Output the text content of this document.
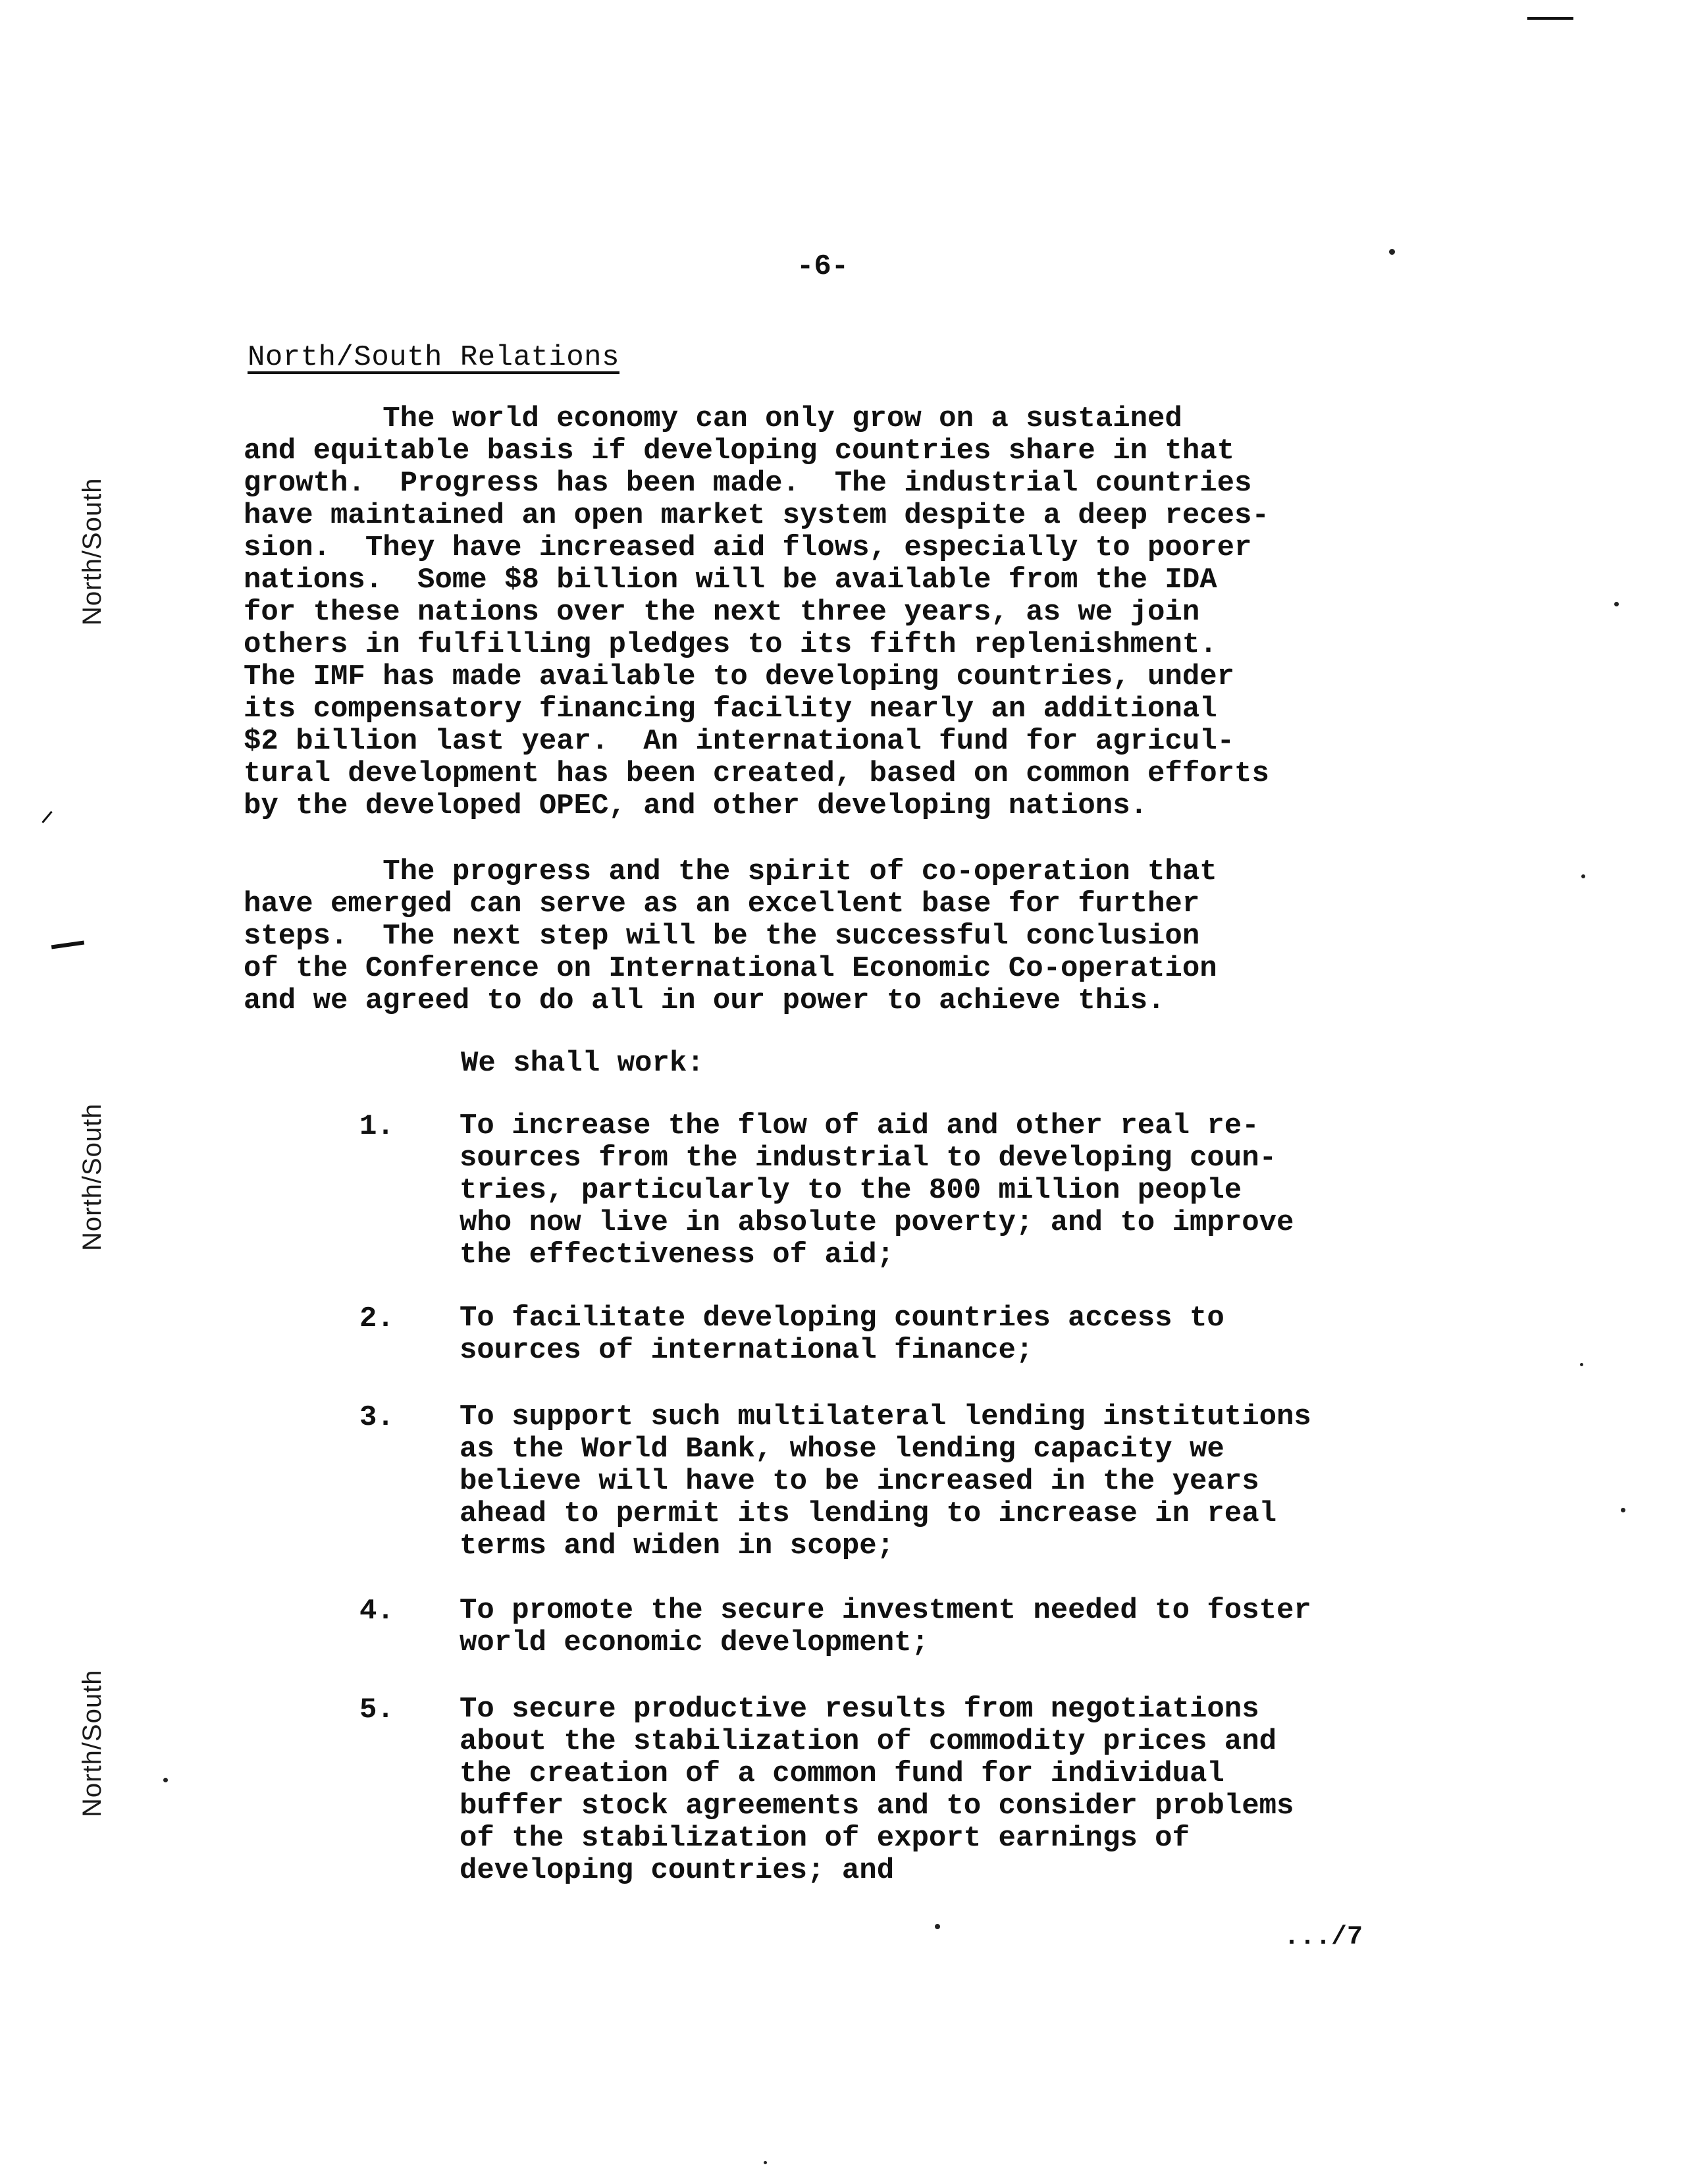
-6-
North/South Relations
North/South
North/South
North/South
The world economy can only grow on a sustained
and equitable basis if developing countries share in that
growth.  Progress has been made.  The industrial countries
have maintained an open market system despite a deep reces-
sion.  They have increased aid flows, especially to poorer
nations.  Some $8 billion will be available from the IDA
for these nations over the next three years, as we join
others in fulfilling pledges to its fifth replenishment.
The IMF has made available to developing countries, under
its compensatory financing facility nearly an additional
$2 billion last year.  An international fund for agricul-
tural development has been created, based on common efforts
by the developed OPEC, and other developing nations.
The progress and the spirit of co-operation that
have emerged can serve as an excellent base for further
steps.  The next step will be the successful conclusion
of the Conference on International Economic Co-operation
and we agreed to do all in our power to achieve this.
We shall work:
1. To increase the flow of aid and other real re-
sources from the industrial to developing coun-
tries, particularly to the 800 million people
who now live in absolute poverty; and to improve
the effectiveness of aid;
2. To facilitate developing countries access to
sources of international finance;
3. To support such multilateral lending institutions
as the World Bank, whose lending capacity we
believe will have to be increased in the years
ahead to permit its lending to increase in real
terms and widen in scope;
4. To promote the secure investment needed to foster
world economic development;
5. To secure productive results from negotiations
about the stabilization of commodity prices and
the creation of a common fund for individual
buffer stock agreements and to consider problems
of the stabilization of export earnings of
developing countries; and
.../7
